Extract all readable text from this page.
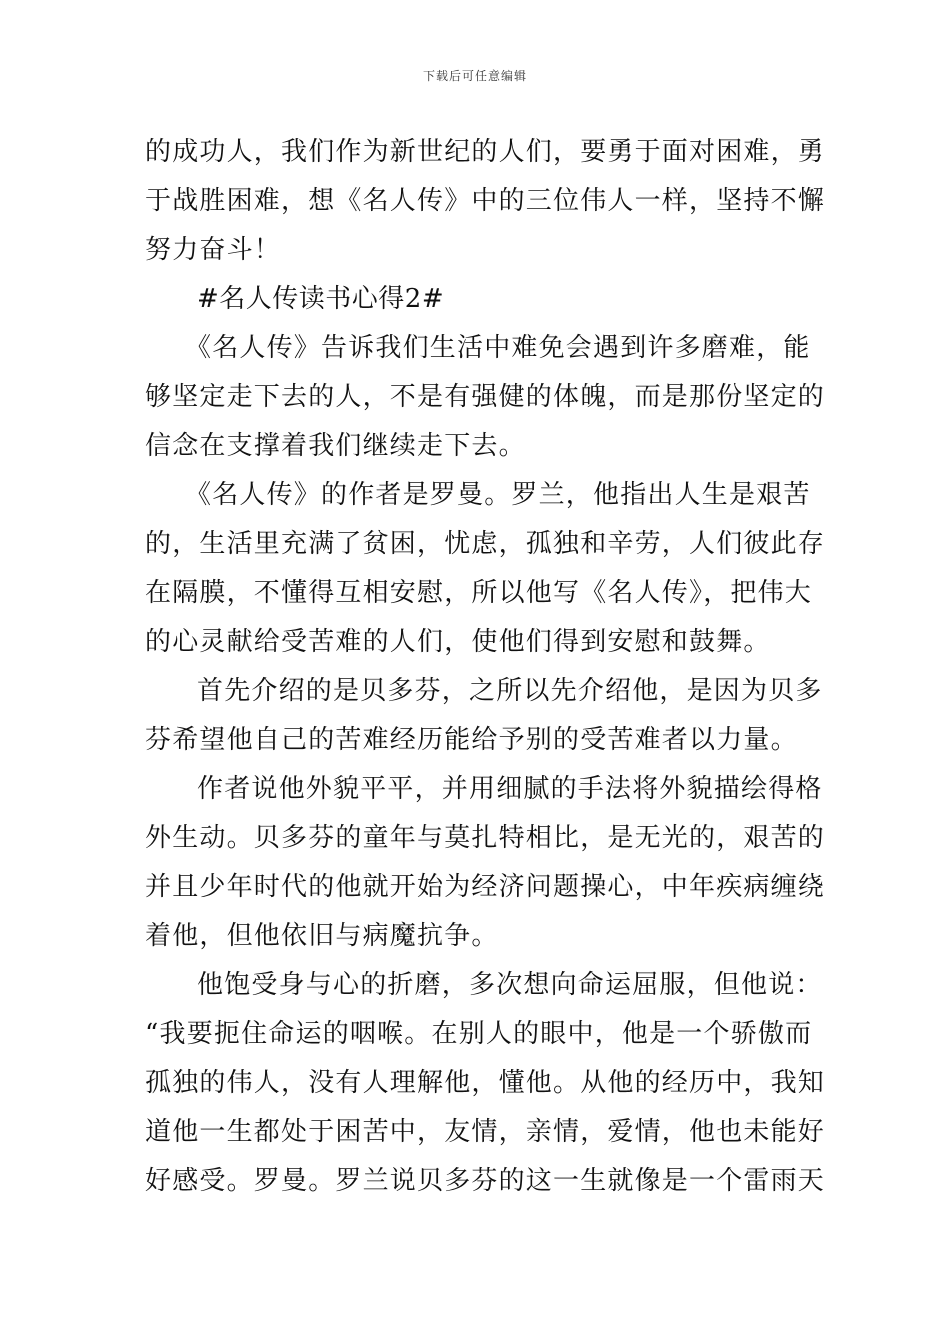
下载后可任意编辑
的成功人，我们作为新世纪的人们，要勇于面对困难，勇
于战胜困难，想《名人传》中的三位伟人一样，坚持不懈
努力奋斗！
#名人传读书心得2#
《名人传》告诉我们生活中难免会遇到许多磨难，能
够坚定走下去的人，不是有强健的体魄，而是那份坚定的
信念在支撑着我们继续走下去。
《名人传》的作者是罗曼。罗兰，他指出人生是艰苦
的，生活里充满了贫困，忧虑，孤独和辛劳，人们彼此存
在隔膜，不懂得互相安慰，所以他写《名人传》，把伟大
的心灵献给受苦难的人们，使他们得到安慰和鼓舞。
首先介绍的是贝多芬，之所以先介绍他，是因为贝多
芬希望他自己的苦难经历能给予别的受苦难者以力量。
作者说他外貌平平，并用细腻的手法将外貌描绘得格
外生动。贝多芬的童年与莫扎特相比，是无光的，艰苦的
并且少年时代的他就开始为经济问题操心，中年疾病缠绕
着他，但他依旧与病魔抗争。
他饱受身与心的折磨，多次想向命运屈服，但他说：
“我要扼住命运的咽喉。在别人的眼中，他是一个骄傲而
孤独的伟人，没有人理解他，懂他。从他的经历中，我知
道他一生都处于困苦中，友情，亲情，爱情，他也未能好
好感受。罗曼。罗兰说贝多芬的这一生就像是一个雷雨天
